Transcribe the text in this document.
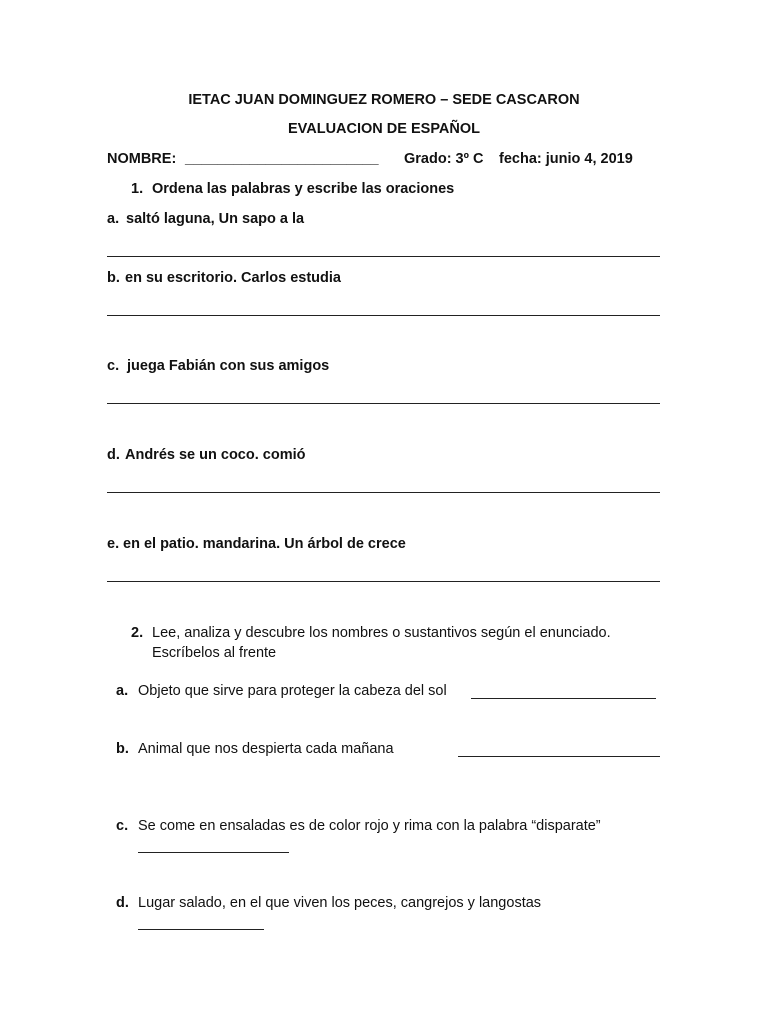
IETAC JUAN DOMINGUEZ ROMERO – SEDE CASCARON
EVALUACION DE ESPAÑOL
NOMBRE: ________________________ Grado: 3º C fecha: junio 4, 2019
1. Ordena las palabras y escribe las oraciones
a. saltó laguna, Un sapo a la
b. en su escritorio. Carlos estudia
c. juega Fabián con sus amigos
d. Andrés se un coco. comió
e. en el patio. mandarina. Un árbol de crece
2. Lee, analiza y descubre los nombres o sustantivos según el enunciado.
Escríbelos al frente
a. Objeto que sirve para proteger la cabeza del sol
b. Animal que nos despierta cada mañana
c. Se come en ensaladas es de color rojo y rima con la palabra “disparate”
d. Lugar salado, en el que viven los peces, cangrejos y langostas
